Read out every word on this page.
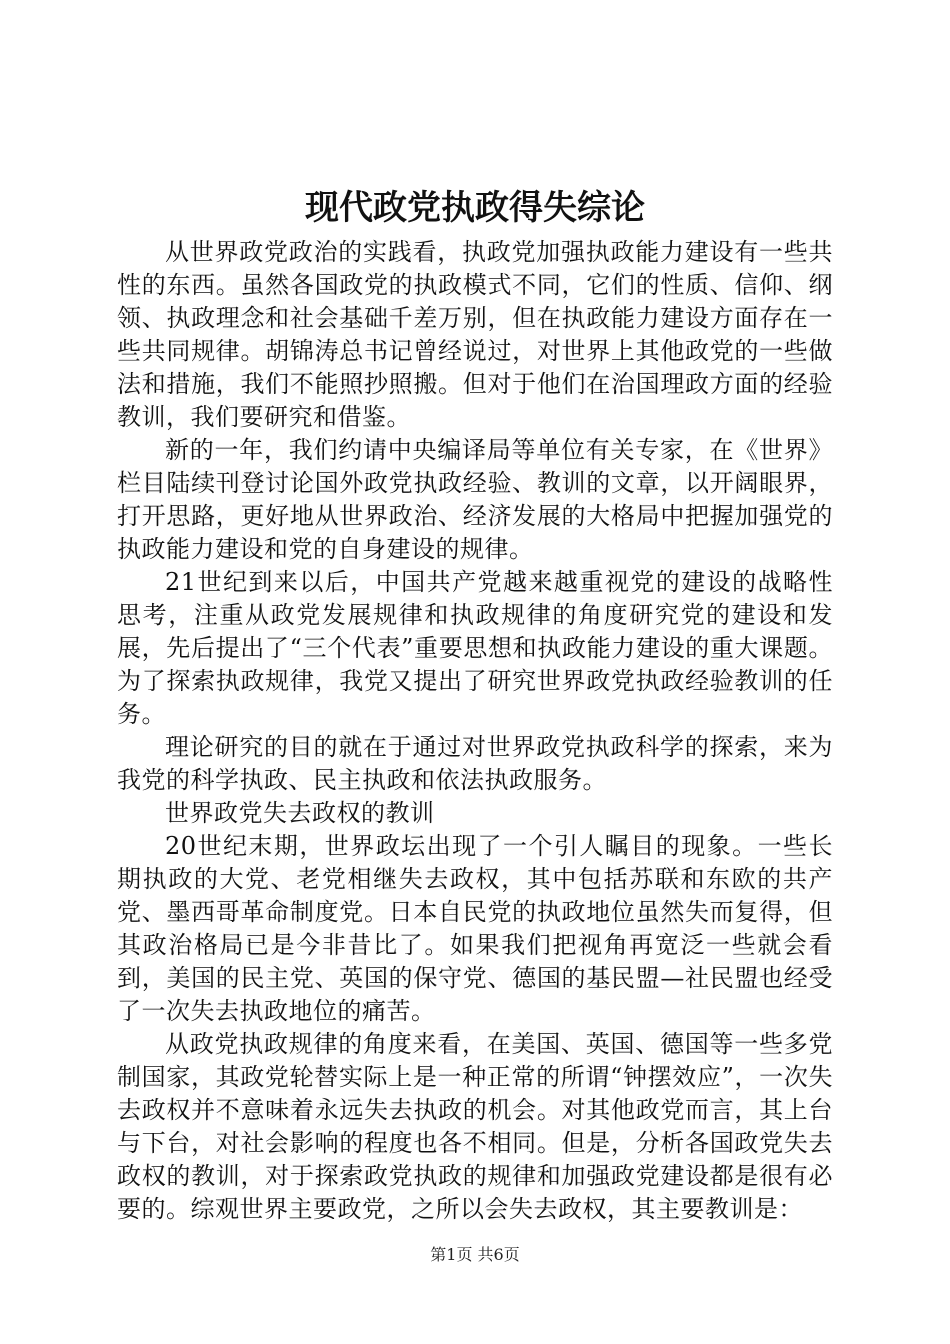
现代政党执政得失综论

从世界政党政治的实践看，执政党加强执政能力建设有一些共性的东西。虽然各国政党的执政模式不同，它们的性质、信仰、纲领、执政理念和社会基础千差万别，但在执政能力建设方面存在一些共同规律。胡锦涛总书记曾经说过，对世界上其他政党的一些做法和措施，我们不能照抄照搬。但对于他们在治国理政方面的经验教训，我们要研究和借鉴。

新的一年，我们约请中央编译局等单位有关专家，在《世界》栏目陆续刊登讨论国外政党执政经验、教训的文章，以开阔眼界，打开思路，更好地从世界政治、经济发展的大格局中把握加强党的执政能力建设和党的自身建设的规律。

21世纪到来以后，中国共产党越来越重视党的建设的战略性思考，注重从政党发展规律和执政规律的角度研究党的建设和发展，先后提出了“三个代表”重要思想和执政能力建设的重大课题。为了探索执政规律，我党又提出了研究世界政党执政经验教训的任务。

理论研究的目的就在于通过对世界政党执政科学的探索，来为我党的科学执政、民主执政和依法执政服务。

世界政党失去政权的教训

20世纪末期，世界政坛出现了一个引人瞩目的现象。一些长期执政的大党、老党相继失去政权，其中包括苏联和东欧的共产党、墨西哥革命制度党。日本自民党的执政地位虽然失而复得，但其政治格局已是今非昔比了。如果我们把视角再宽泛一些就会看到，美国的民主党、英国的保守党、德国的基民盟—社民盟也经受了一次失去执政地位的痛苦。

从政党执政规律的角度来看，在美国、英国、德国等一些多党制国家，其政党轮替实际上是一种正常的所谓“钟摆效应”，一次失去政权并不意味着永远失去执政的机会。对其他政党而言，其上台与下台，对社会影响的程度也各不相同。但是，分析各国政党失去政权的教训，对于探索政党执政的规律和加强政党建设都是很有必要的。综观世界主要政党，之所以会失去政权，其主要教训是：

第1页 共6页
